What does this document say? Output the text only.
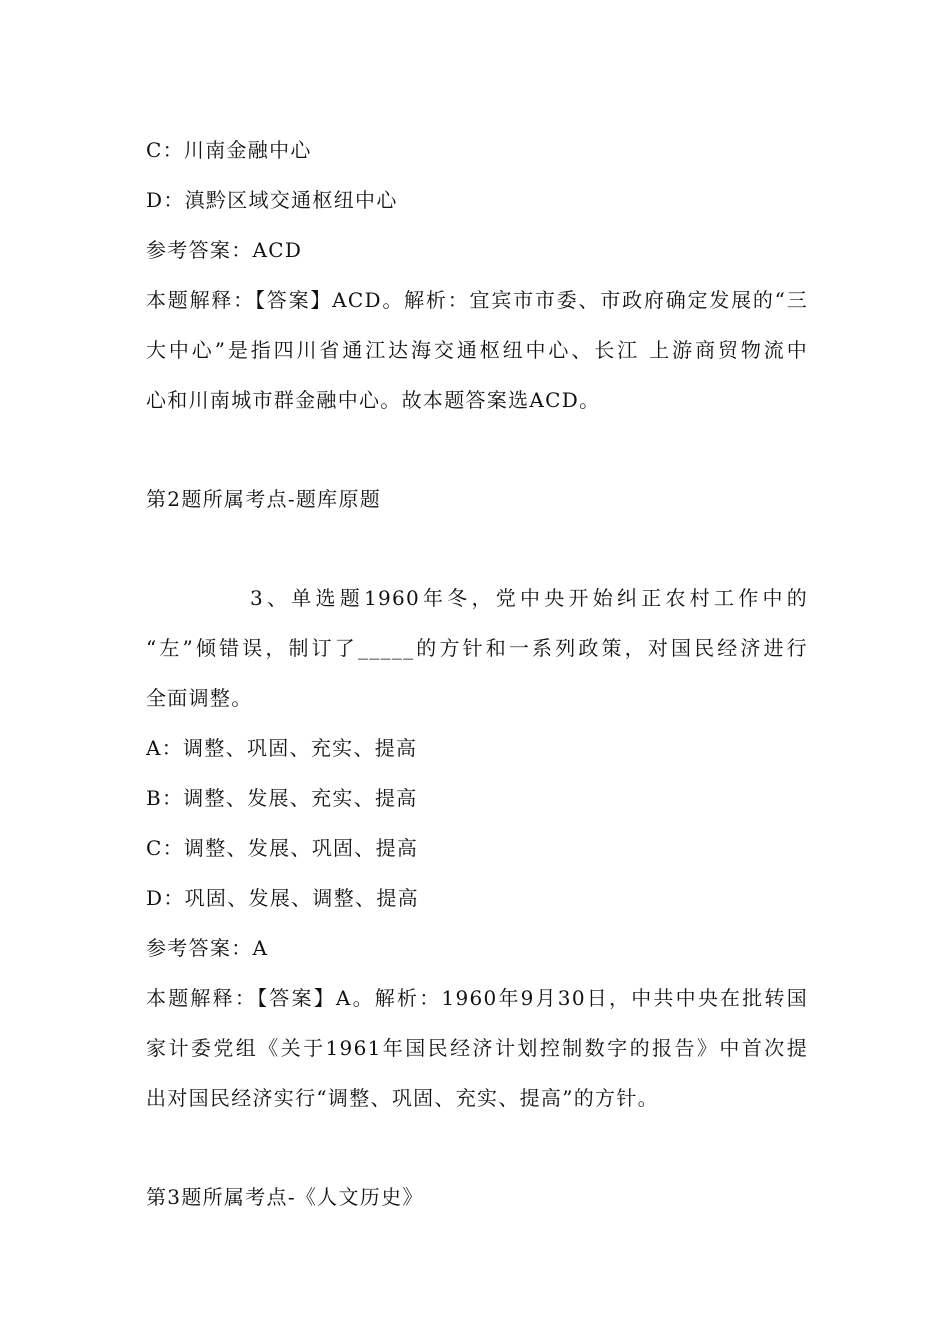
C：川南金融中心
D：滇黔区域交通枢纽中心
参考答案：ACD
本题解释：【答案】ACD。解析：宜宾市市委、市政府确定发展的“三
大中心”是指四川省通江达海交通枢纽中心、长江 上游商贸物流中
心和川南城市群金融中心。故本题答案选ACD。
第2题所属考点-题库原题
3、单选题1960年冬，党中央开始纠正农村工作中的
“左”倾错误，制订了_____的方针和一系列政策，对国民经济进行
全面调整。
A：调整、巩固、充实、提高
B：调整、发展、充实、提高
C：调整、发展、巩固、提高
D：巩固、发展、调整、提高
参考答案：A
本题解释：【答案】A。解析：1960年9月30日，中共中央在批转国
家计委党组《关于1961年国民经济计划控制数字的报告》中首次提
出对国民经济实行“调整、巩固、充实、提高”的方针。
第3题所属考点-《人文历史》
